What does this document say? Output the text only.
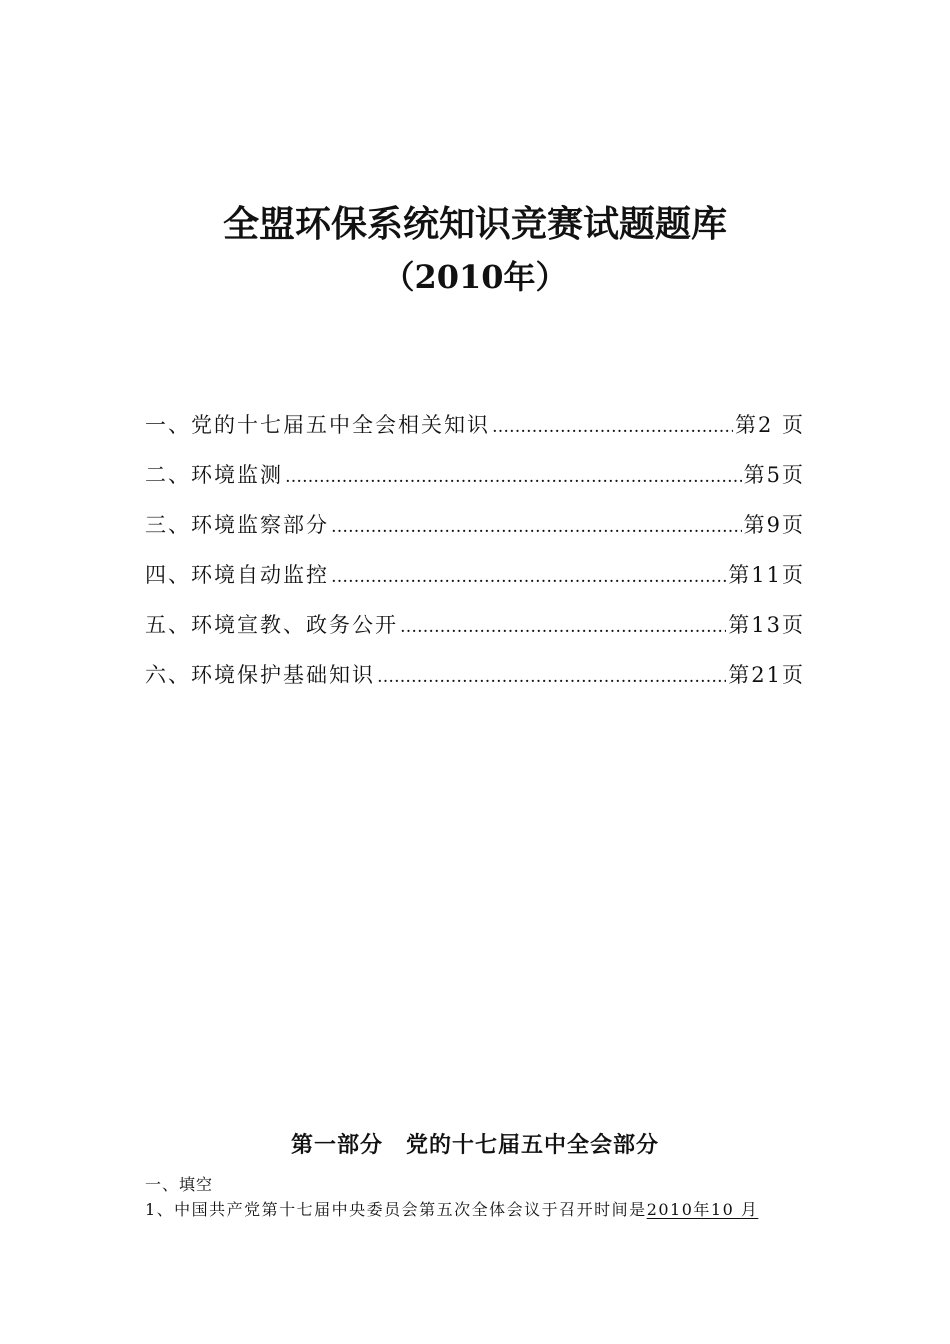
全盟环保系统知识竞赛试题题库
（2010年）
一、党的十七届五中全会相关知识 ……………………………………………………………………………………………………………………	第2 页
二、环境监测 ……………………………………………………………………………………………………………………	第5页
三、环境监察部分 ……………………………………………………………………………………………………………………	第9页
四、环境自动监控 ……………………………………………………………………………………………………………………	第11页
五、环境宣教、政务公开 ……………………………………………………………………………………………………………………	第13页
六、环境保护基础知识 ……………………………………………………………………………………………………………………	第21页
第一部分　党的十七届五中全会部分

一、填空

1、中国共产党第十七届中央委员会第五次全体会议于召开时间是2010年10 月
